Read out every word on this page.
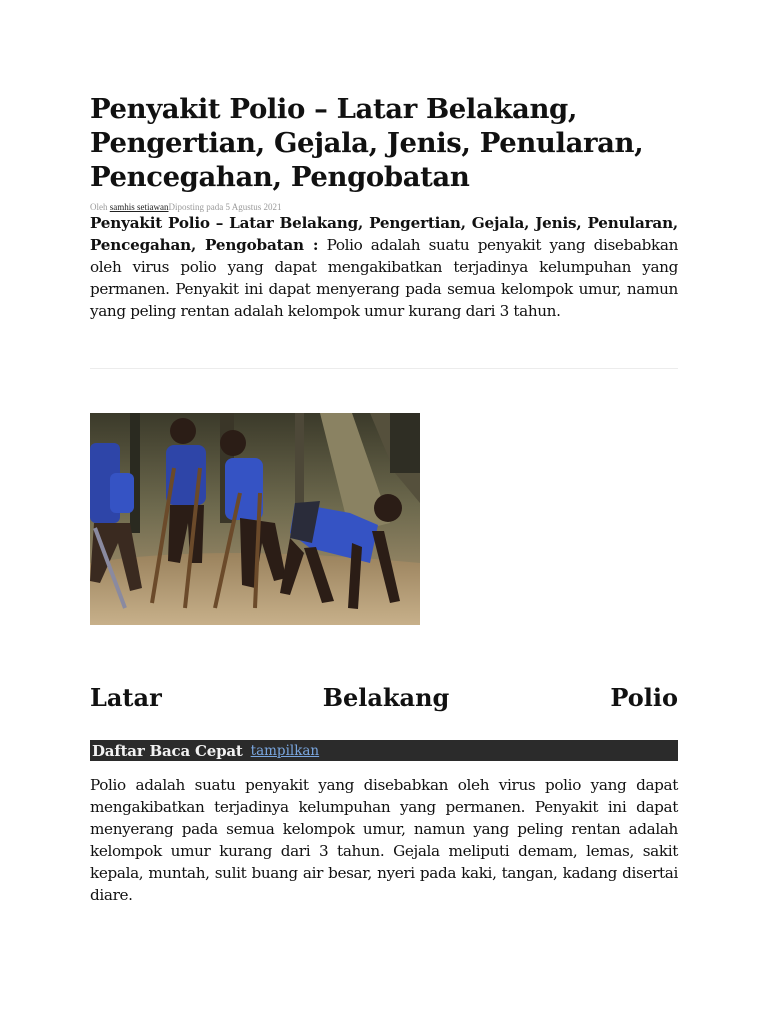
Penyakit Polio – Latar Belakang, Pengertian, Gejala, Jenis, Penularan, Pencegahan, Pengobatan
Oleh samhis setiawanDiposting pada 5 Agustus 2021

Penyakit Polio – Latar Belakang, Pengertian, Gejala, Jenis, Penularan, Pencegahan, Pengobatan : Polio adalah suatu penyakit yang disebabkan oleh virus polio yang dapat mengakibatkan terjadinya kelumpuhan yang permanen. Penyakit ini dapat menyerang pada semua kelompok umur, namun yang peling rentan adalah kelompok umur kurang dari 3 tahun.

Latar	Belakang	Polio
Daftar Baca Cepat tampilkan

Polio adalah suatu penyakit yang disebabkan oleh virus polio yang dapat mengakibatkan terjadinya kelumpuhan yang permanen. Penyakit ini dapat menyerang pada semua kelompok umur, namun yang peling rentan adalah kelompok umur kurang dari 3 tahun. Gejala meliputi demam, lemas, sakit kepala, muntah, sulit buang air besar, nyeri pada kaki, tangan, kadang disertai diare.
